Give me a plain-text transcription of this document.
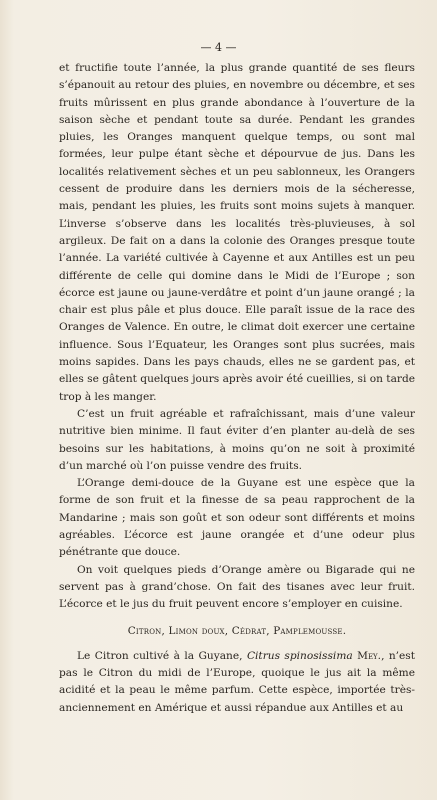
— 4 —

et fructifie toute l’année, la plus grande quantité de ses fleurs s’épanouit au retour des pluies, en novembre ou décembre, et ses fruits mûrissent en plus grande abondance à l’ouverture de la saison sèche et pendant toute sa durée. Pendant les grandes pluies, les Oranges manquent quelque temps, ou sont mal formées, leur pulpe étant sèche et dépourvue de jus. Dans les localités relativement sèches et un peu sablonneux, les Orangers cessent de produire dans les derniers mois de la sécheresse, mais, pendant les pluies, les fruits sont moins sujets à manquer. L’inverse s’observe dans les localités très-pluvieuses, à sol argileux. De fait on a dans la colonie des Oranges presque toute l’année. La variété cultivée à Cayenne et aux Antilles est un peu différente de celle qui domine dans le Midi de l’Europe ; son écorce est jaune ou jaune-verdâtre et point d’un jaune orangé ; la chair est plus pâle et plus douce. Elle paraît issue de la race des Oranges de Valence. En outre, le climat doit exercer une certaine influence. Sous l’Equateur, les Oranges sont plus sucrées, mais moins sapides. Dans les pays chauds, elles ne se gardent pas, et elles se gâtent quelques jours après avoir été cueillies, si on tarde trop à les manger.

C’est un fruit agréable et rafraîchissant, mais d’une valeur nutritive bien minime. Il faut éviter d’en planter au-delà de ses besoins sur les habitations, à moins qu’on ne soit à proximité d’un marché où l’on puisse vendre des fruits.

L’Orange demi-douce de la Guyane est une espèce que la forme de son fruit et la finesse de sa peau rapprochent de la Mandarine ; mais son goût et son odeur sont différents et moins agréables. L’écorce est jaune orangée et d’une odeur plus pénétrante que douce.

On voit quelques pieds d’Orange amère ou Bigarade qui ne servent pas à grand’chose. On fait des tisanes avec leur fruit. L’écorce et le jus du fruit peuvent encore s’employer en cuisine.

Citron, Limon doux, Cédrat, Pamplemousse.

Le Citron cultivé à la Guyane, Citrus spinosissima Mey., n’est pas le Citron du midi de l’Europe, quoique le jus ait la même acidité et la peau le même parfum. Cette espèce, importée très-anciennement en Amérique et aussi répandue aux Antilles et au
